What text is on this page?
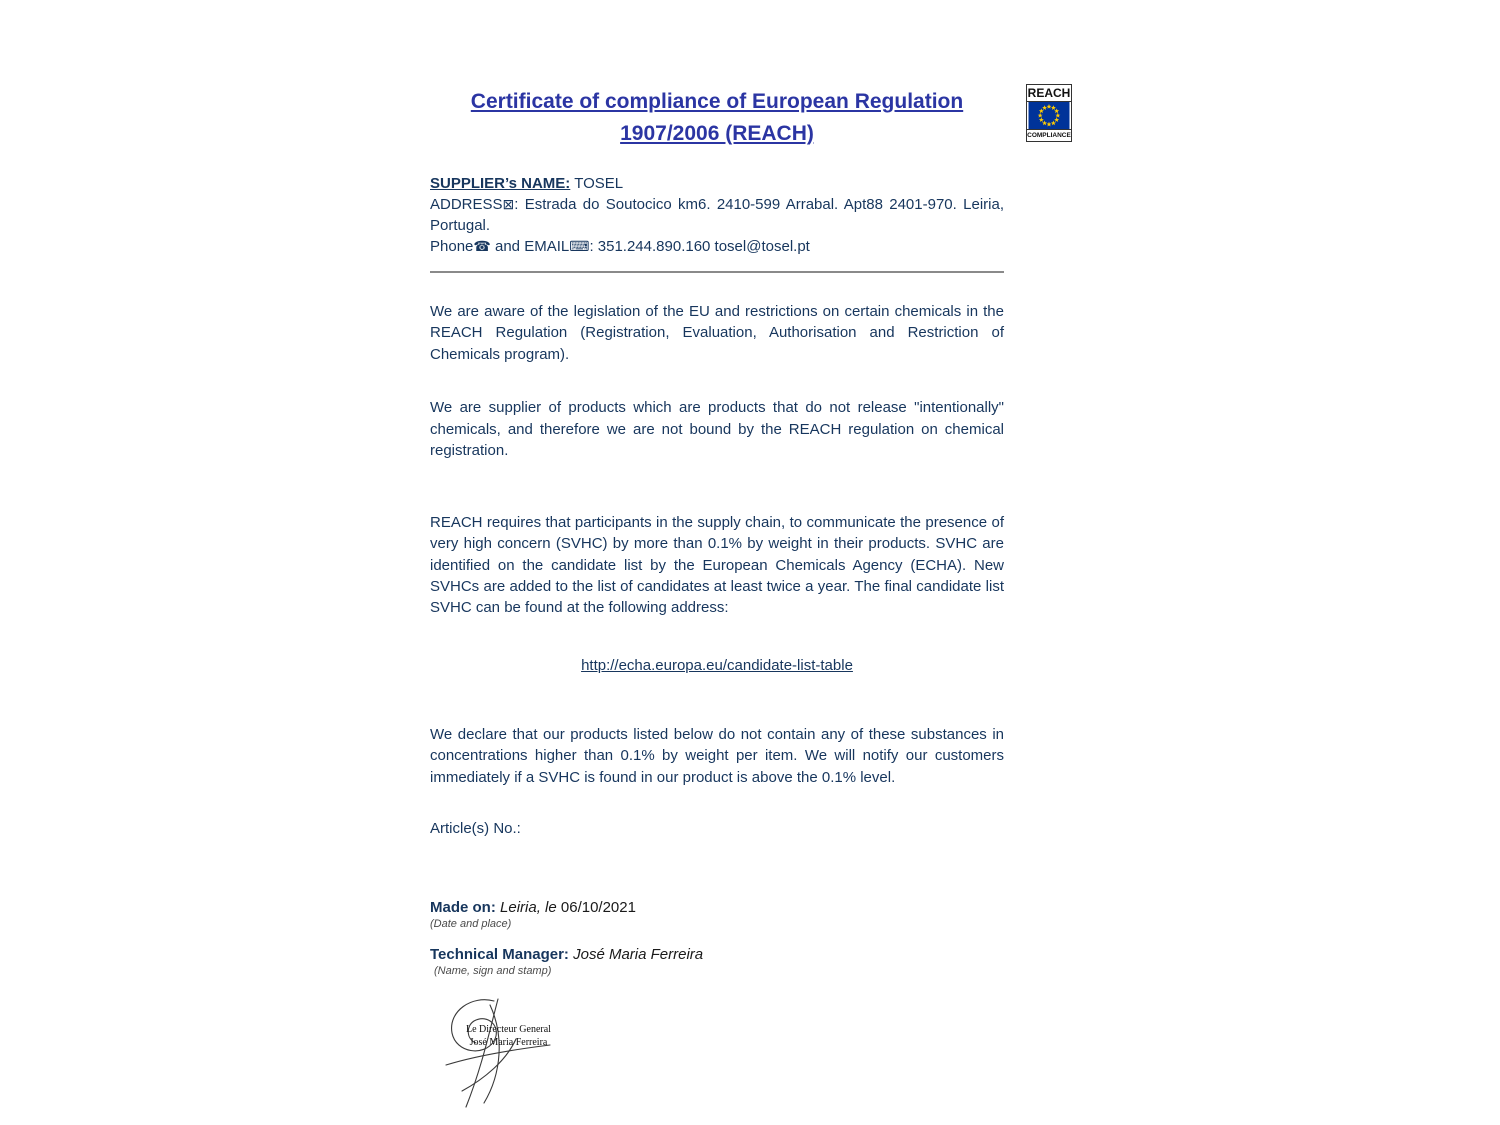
REACH
COMPLIANCE
Certificate of compliance of European Regulation
1907/2006 (REACH)
SUPPLIER’s NAME: TOSEL
ADDRESS⊠: Estrada do Soutocico km6. 2410-599 Arrabal. Apt88 2401-970. Leiria, Portugal.
Phone☎ and EMAIL⌨: 351.244.890.160 tosel@tosel.pt

We are aware of the legislation of the EU and restrictions on certain chemicals in the REACH Regulation (Registration, Evaluation, Authorisation and Restriction of Chemicals program).

We are supplier of products which are products that do not release "intentionally" chemicals, and therefore we are not bound by the REACH regulation on chemical registration.

REACH requires that participants in the supply chain, to communicate the presence of very high concern (SVHC) by more than 0.1% by weight in their products. SVHC are identified on the candidate list by the European Chemicals Agency (ECHA). New SVHCs are added to the list of candidates at least twice a year. The final candidate list SVHC can be found at the following address:

http://echa.europa.eu/candidate-list-table

We declare that our products listed below do not contain any of these substances in concentrations higher than 0.1% by weight per item. We will notify our customers immediately if a SVHC is found in our product is above the 0.1% level.

Article(s) No.:
Made on: Leiria, le 06/10/2021
(Date and place)
Technical Manager: José Maria Ferreira
(Name, sign and stamp)
Le Directeur General
José Maria Ferreira
